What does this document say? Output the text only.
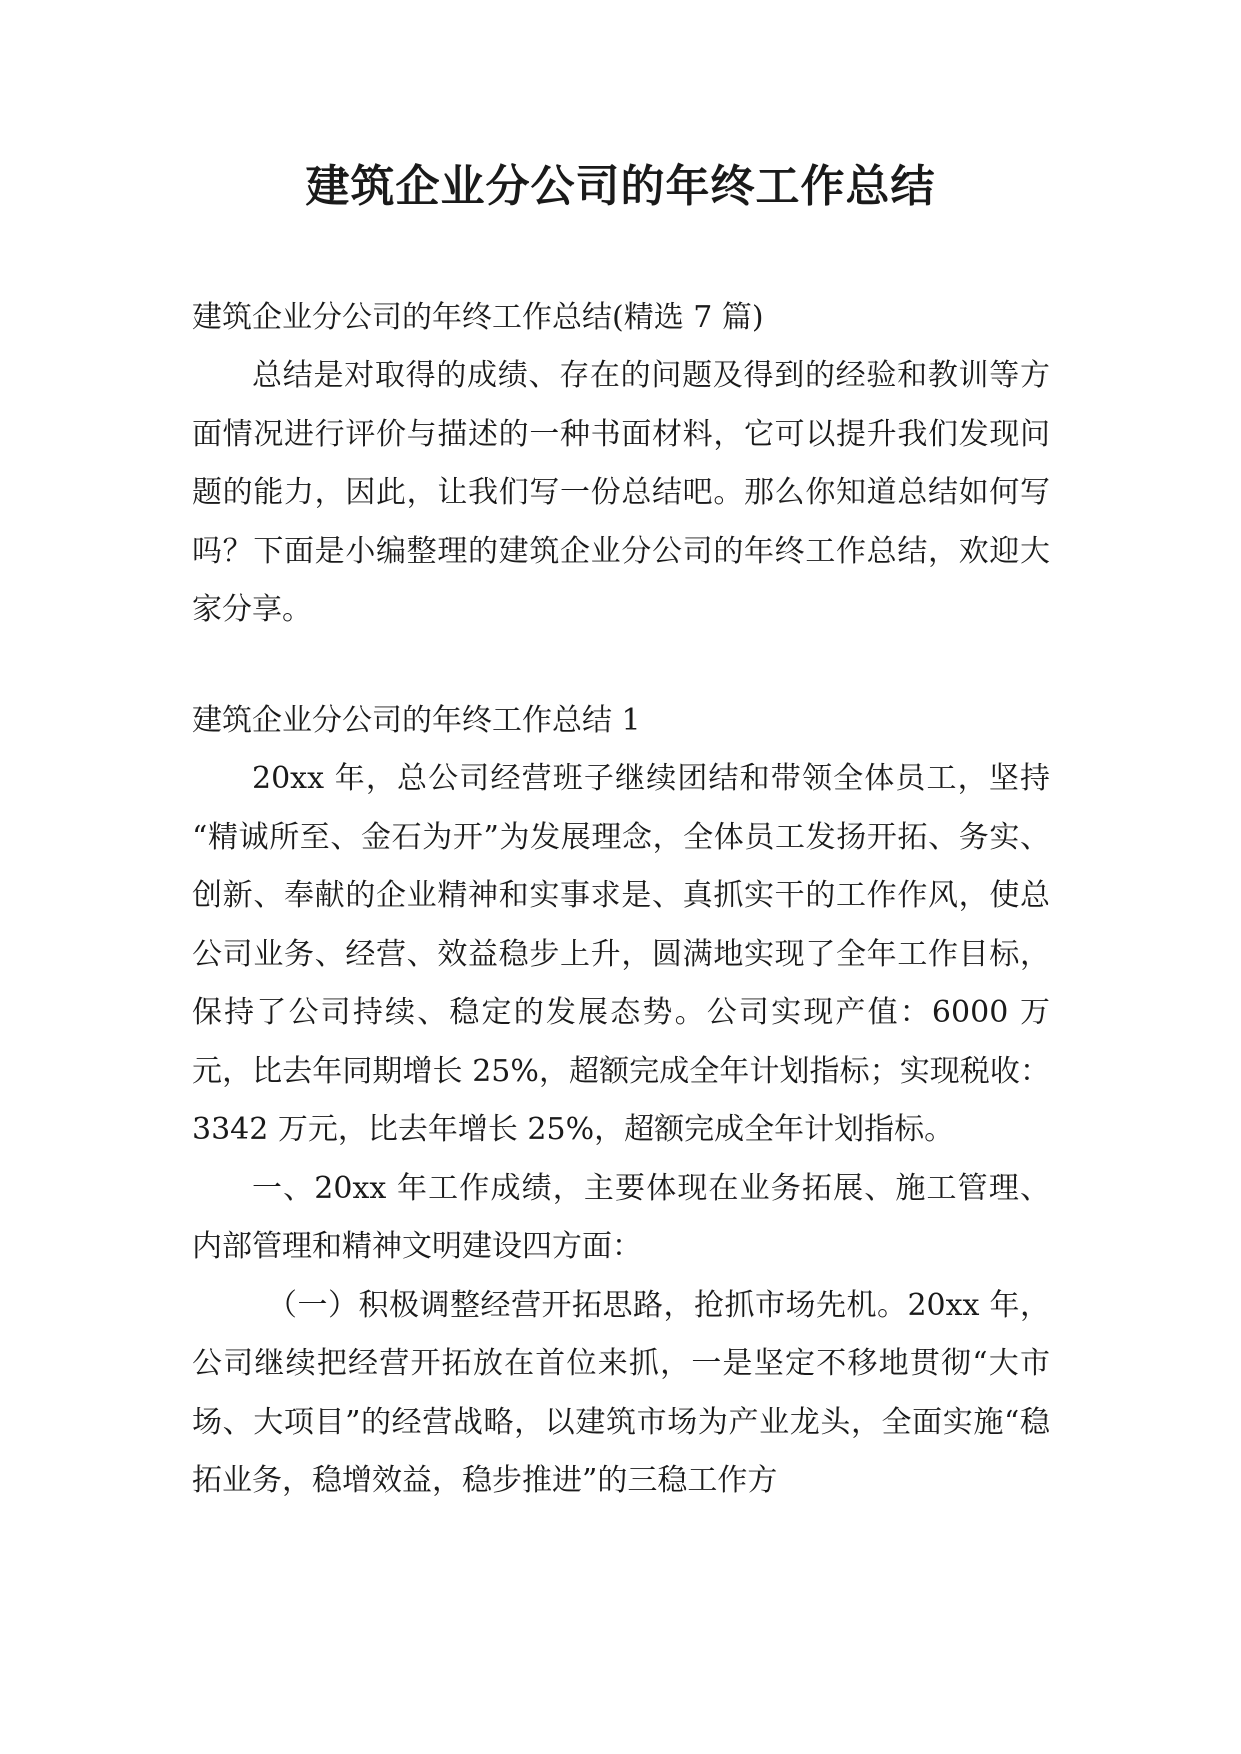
建筑企业分公司的年终工作总结

建筑企业分公司的年终工作总结(精选 7 篇)

总结是对取得的成绩、存在的问题及得到的经验和教训等方面情况进行评价与描述的一种书面材料，它可以提升我们发现问题的能力，因此，让我们写一份总结吧。那么你知道总结如何写吗？下面是小编整理的建筑企业分公司的年终工作总结，欢迎大家分享。

建筑企业分公司的年终工作总结 1

20xx 年，总公司经营班子继续团结和带领全体员工，坚持 “精诚所至、金石为开”为发展理念，全体员工发扬开拓、务实、创新、奉献的企业精神和实事求是、真抓实干的工作作风，使总公司业务、经营、效益稳步上升，圆满地实现了全年工作目标，保持了公司持续、稳定的发展态势。公司实现产值：6000 万元，比去年同期增长 25%，超额完成全年计划指标；实现税收：3342 万元，比去年增长 25%，超额完成全年计划指标。

一、20xx 年工作成绩，主要体现在业务拓展、施工管理、内部管理和精神文明建设四方面：

（一）积极调整经营开拓思路，抢抓市场先机。20xx 年，公司继续把经营开拓放在首位来抓，一是坚定不移地贯彻“大市场、大项目”的经营战略，以建筑市场为产业龙头，全面实施“稳拓业务，稳增效益，稳步推进”的三稳工作方
